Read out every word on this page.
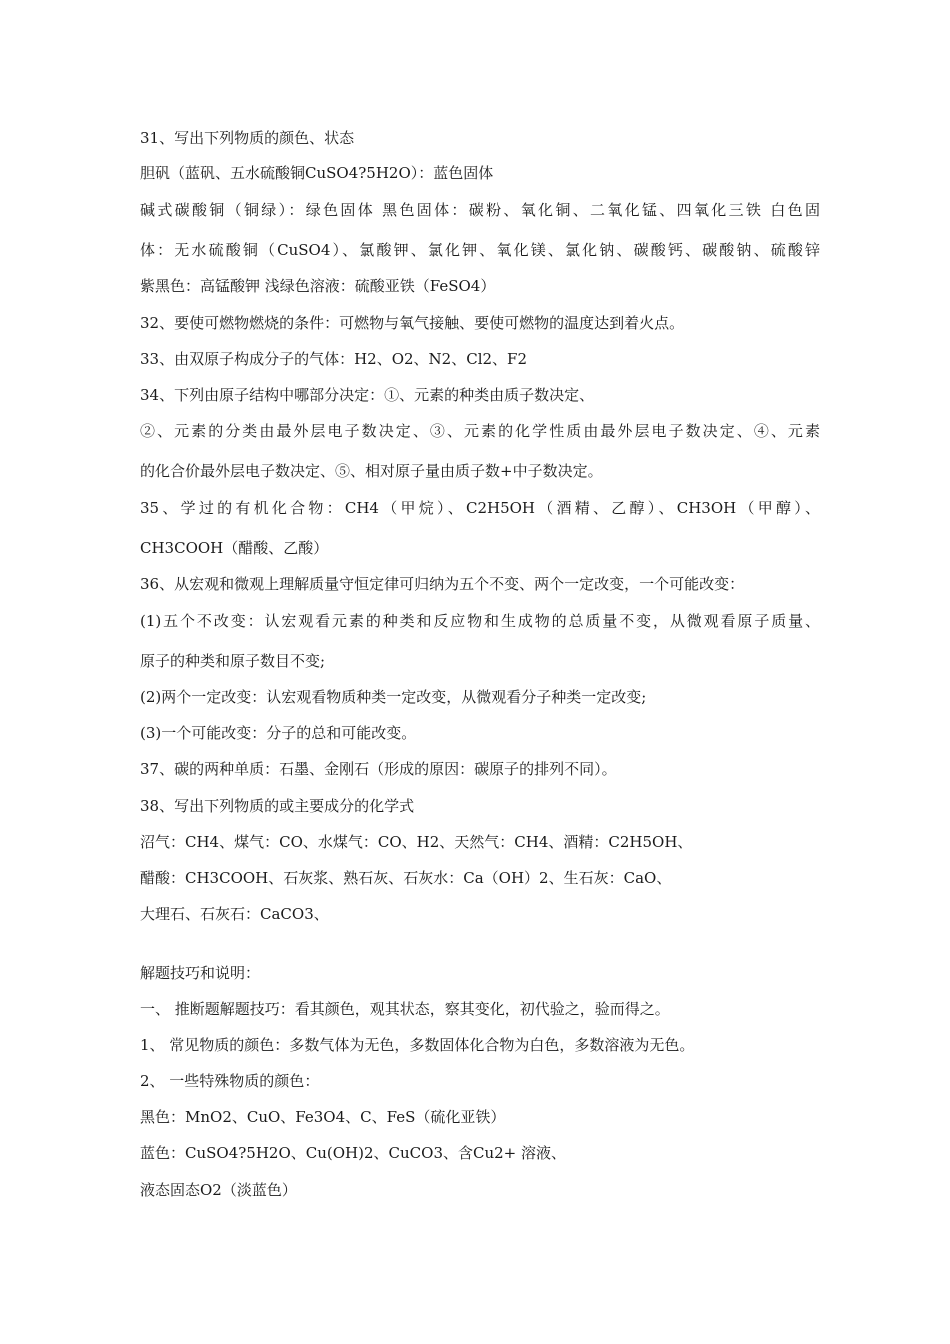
31、写出下列物质的颜色、状态
胆矾（蓝矾、五水硫酸铜CuSO4?5H2O）：蓝色固体
碱式碳酸铜（铜绿）：绿色固体 黑色固体：碳粉、氧化铜、二氧化锰、四氧化三铁 白色固
体：无水硫酸铜（CuSO4）、氯酸钾、氯化钾、氧化镁、氯化钠、碳酸钙、碳酸钠、硫酸锌
紫黑色：高锰酸钾 浅绿色溶液：硫酸亚铁（FeSO4）
32、要使可燃物燃烧的条件：可燃物与氧气接触、要使可燃物的温度达到着火点。
33、由双原子构成分子的气体：H2、O2、N2、Cl2、F2
34、下列由原子结构中哪部分决定：①、元素的种类由质子数决定、
②、元素的分类由最外层电子数决定、③、元素的化学性质由最外层电子数决定、④、元素
的化合价最外层电子数决定、⑤、相对原子量由质子数+中子数决定。
35、学过的有机化合物：CH4（甲烷）、C2H5OH（酒精、乙醇）、CH3OH（甲醇）、
CH3COOH（醋酸、乙酸）
36、从宏观和微观上理解质量守恒定律可归纳为五个不变、两个一定改变，一个可能改变：
(1)五个不改变：认宏观看元素的种类和反应物和生成物的总质量不变，从微观看原子质量、
原子的种类和原子数目不变;
(2)两个一定改变：认宏观看物质种类一定改变，从微观看分子种类一定改变;
(3)一个可能改变：分子的总和可能改变。
37、碳的两种单质：石墨、金刚石（形成的原因：碳原子的排列不同）。
38、写出下列物质的或主要成分的化学式
沼气：CH4、煤气：CO、水煤气：CO、H2、天然气：CH4、酒精：C2H5OH、
醋酸：CH3COOH、石灰浆、熟石灰、石灰水：Ca（OH）2、生石灰：CaO、
大理石、石灰石：CaCO3、
解题技巧和说明：
一、 推断题解题技巧：看其颜色，观其状态，察其变化，初代验之，验而得之。
1、 常见物质的颜色：多数气体为无色，多数固体化合物为白色，多数溶液为无色。
2、 一些特殊物质的颜色：
黑色：MnO2、CuO、Fe3O4、C、FeS（硫化亚铁）
蓝色：CuSO4?5H2O、Cu(OH)2、CuCO3、含Cu2+ 溶液、
液态固态O2（淡蓝色）
